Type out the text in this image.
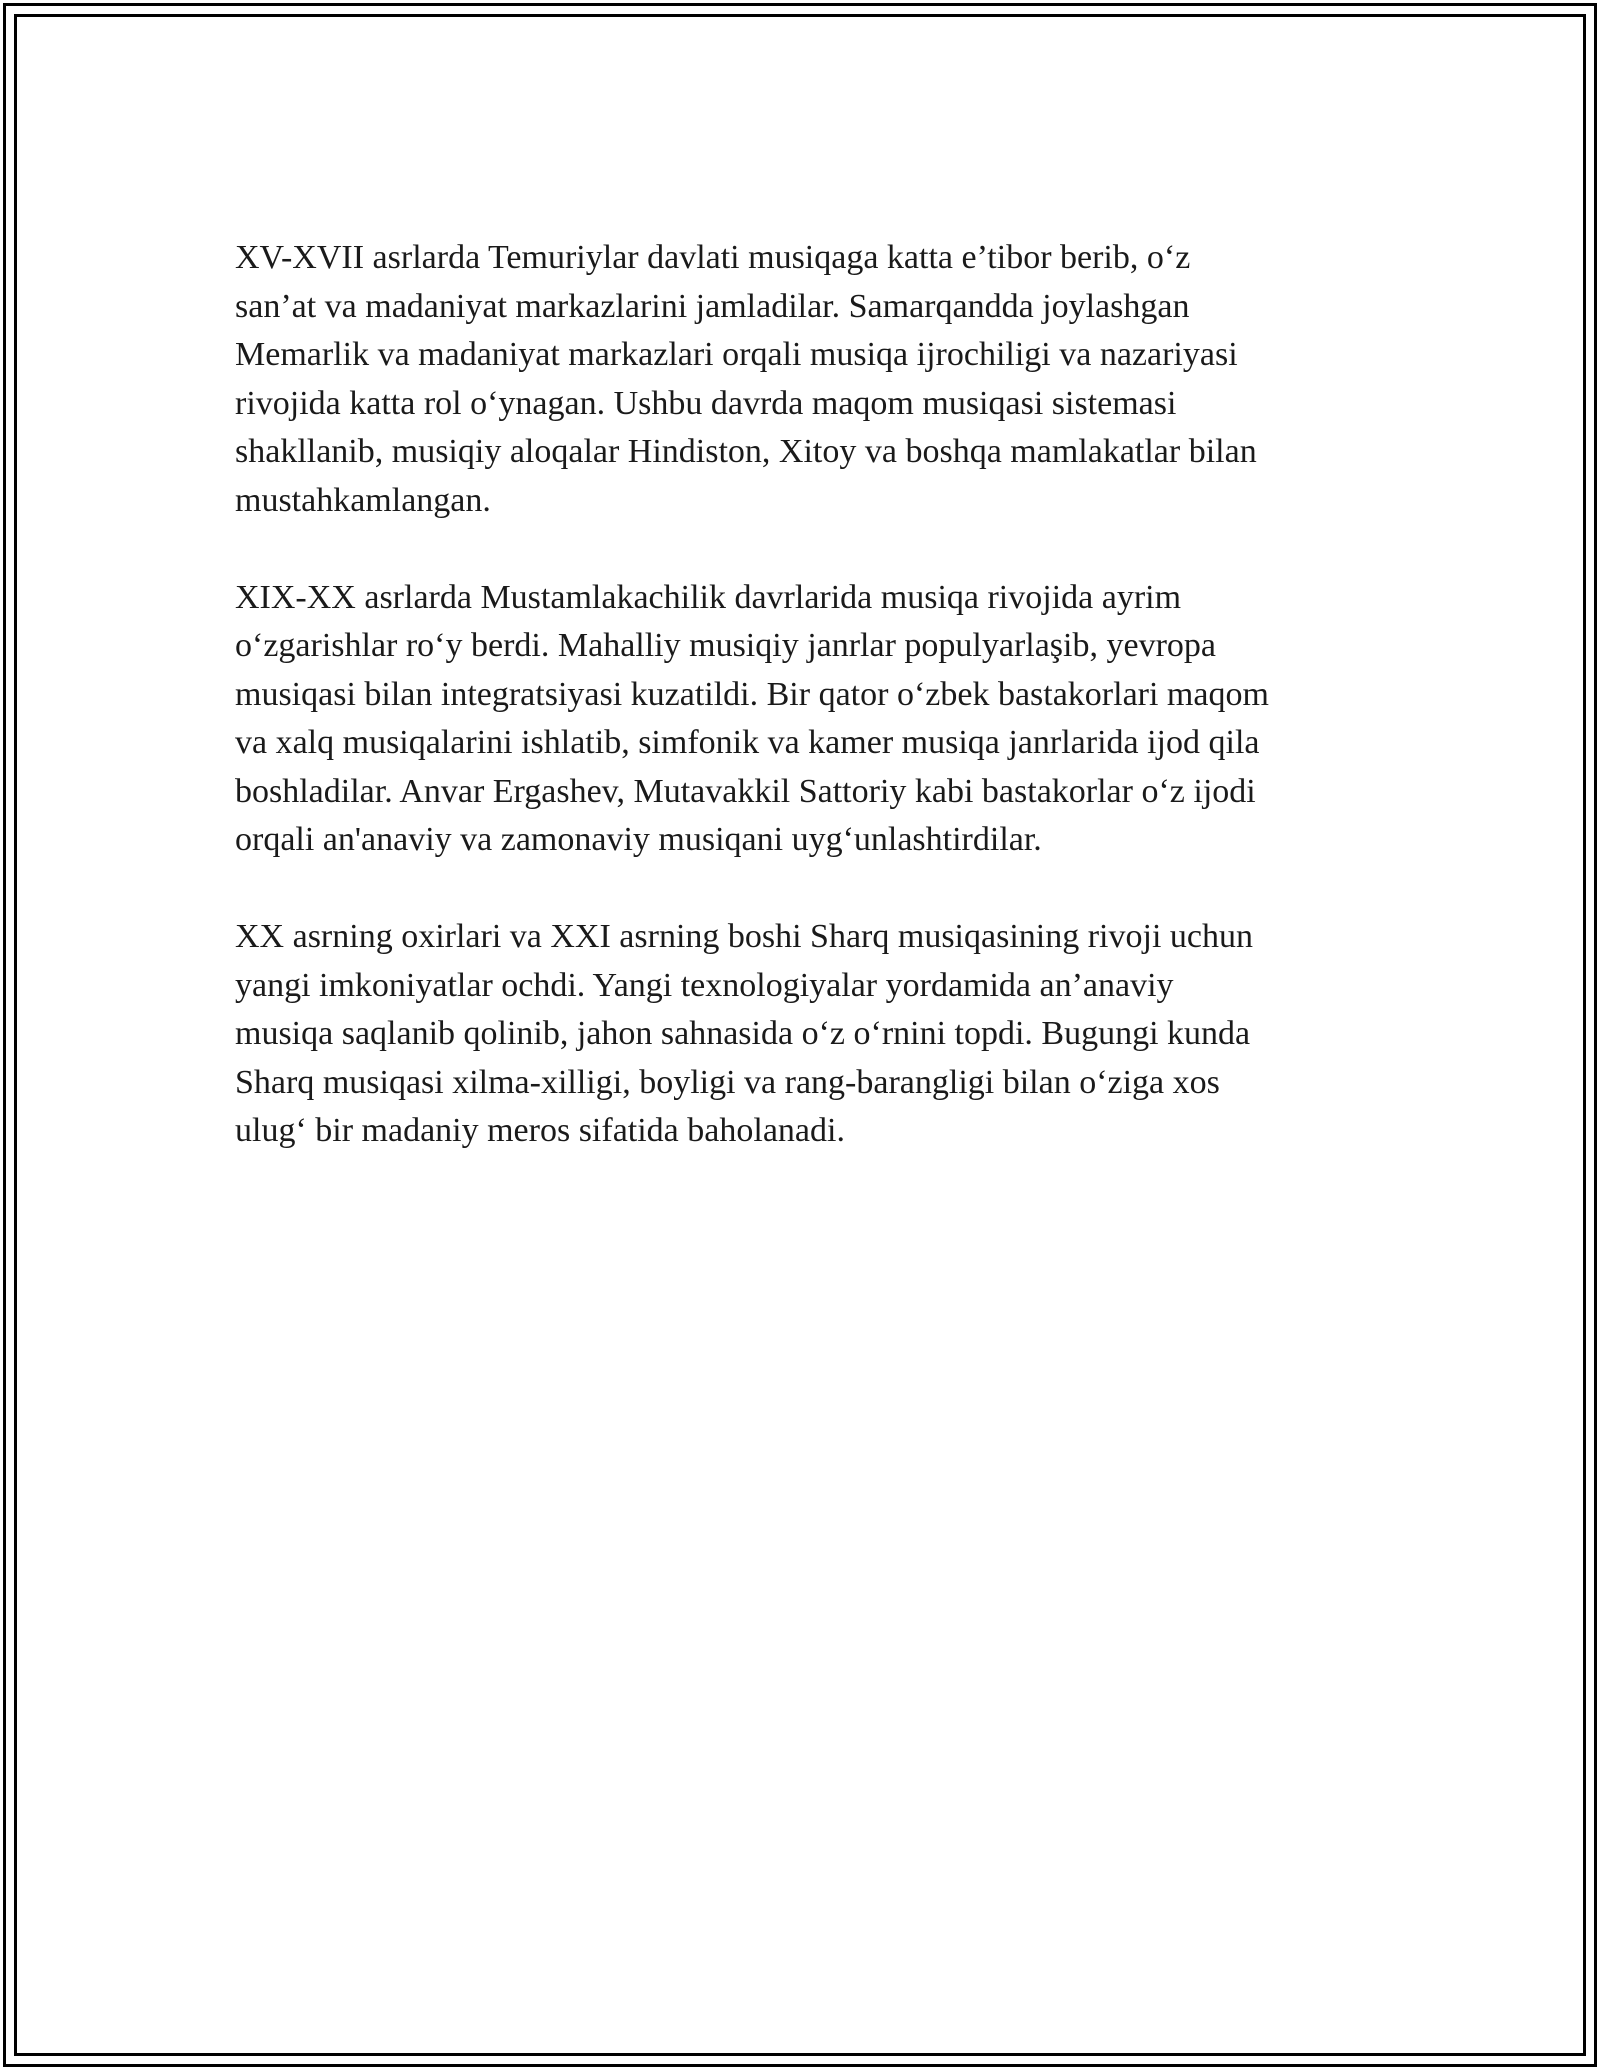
XV-XVII asrlarda Temuriylar davlati musiqaga katta e’tibor berib, o‘z
san’at va madaniyat markazlarini jamladilar. Samarqandda joylashgan
Memarlik va madaniyat markazlari orqali musiqa ijrochiligi va nazariyasi
rivojida katta rol o‘ynagan. Ushbu davrda maqom musiqasi sistemasi
shakllanib, musiqiy aloqalar Hindiston, Xitoy va boshqa mamlakatlar bilan
mustahkamlangan.

XIX-XX asrlarda Mustamlakachilik davrlarida musiqa rivojida ayrim
o‘zgarishlar ro‘y berdi. Mahalliy musiqiy janrlar populyarlaşib, yevropa
musiqasi bilan integratsiyasi kuzatildi. Bir qator o‘zbek bastakorlari maqom
va xalq musiqalarini ishlatib, simfonik va kamer musiqa janrlarida ijod qila
boshladilar. Anvar Ergashev, Mutavakkil Sattoriy kabi bastakorlar o‘z ijodi
orqali an'anaviy va zamonaviy musiqani uyg‘unlashtirdilar.

XX asrning oxirlari va XXI asrning boshi Sharq musiqasining rivoji uchun
yangi imkoniyatlar ochdi. Yangi texnologiyalar yordamida an’anaviy
musiqa saqlanib qolinib, jahon sahnasida o‘z o‘rnini topdi. Bugungi kunda
Sharq musiqasi xilma-xilligi, boyligi va rang-barangligi bilan o‘ziga xos
ulug‘ bir madaniy meros sifatida baholanadi.
